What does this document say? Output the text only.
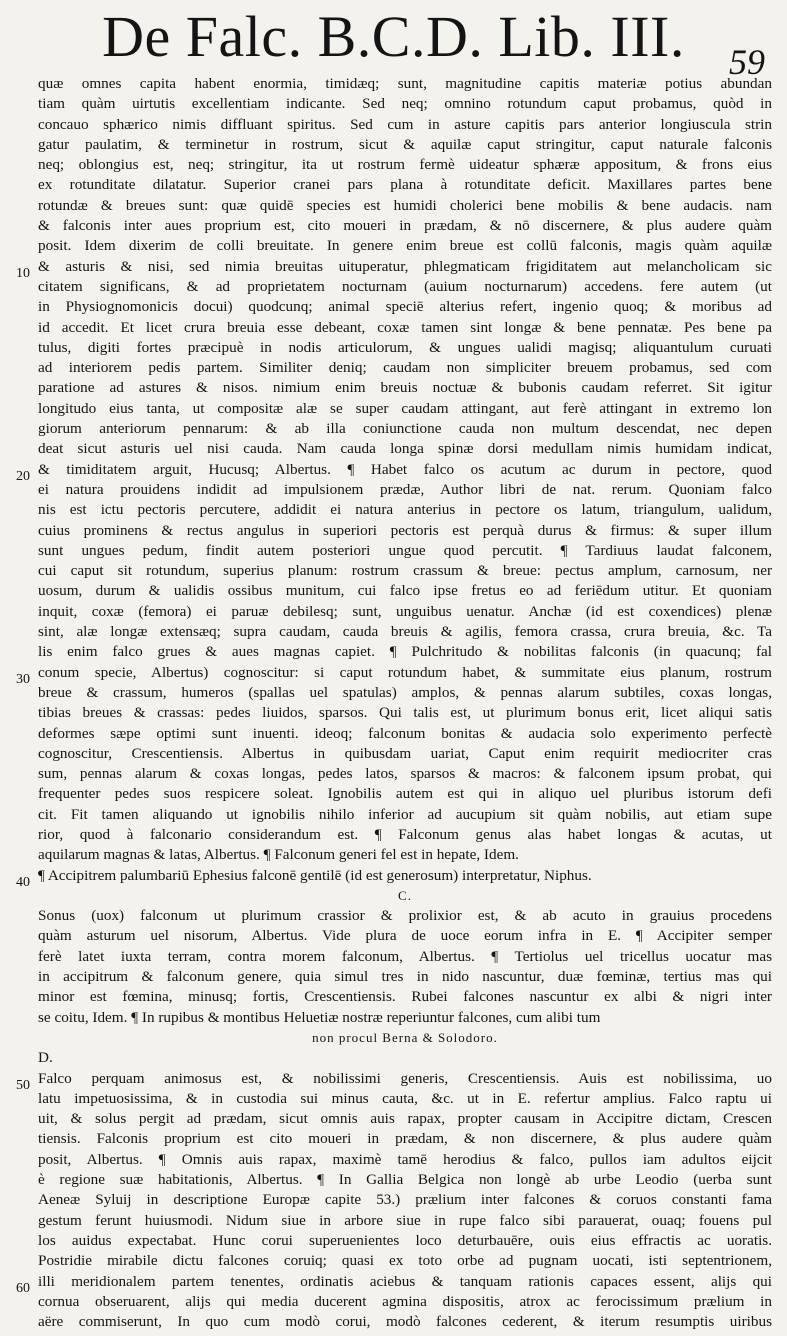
De Falc. B.C.D. Lib. III.	59
10
20
30
40
50
60
quæ omnes capita habent enormia, timidæq; sunt, magnitudine capitis materiæ potius abundan
tiam quàm uirtutis excellentiam indicante. Sed neq; omnino rotundum caput probamus, quòd in
concauo sphærico nimis diffluant spiritus. Sed cum in asture capitis pars anterior longiuscula strin
gatur paulatim, & terminetur in rostrum, sicut & aquilæ caput stringitur, caput naturale falconis
neq; oblongius est, neq; stringitur, ita ut rostrum fermè uideatur sphæræ appositum, & frons eius
ex rotunditate dilatatur. Superior cranei pars plana à rotunditate deficit. Maxillares partes bene
rotundæ & breues sunt: quæ quidē species est humidi cholerici bene mobilis & bene audacis. nam
& falconis inter aues proprium est, cito moueri in prædam, & nō discernere, & plus audere quàm
posit. Idem dixerim de colli breuitate. In genere enim breue est collū falconis, magis quàm aquilæ
& asturis & nisi, sed nimia breuitas uituperatur, phlegmaticam frigiditatem aut melancholicam sic
citatem significans, & ad proprietatem nocturnam (auium nocturnarum) accedens. fere autem (ut
in Physiognomonicis docui) quodcunq; animal speciē alterius refert, ingenio quoq; & moribus ad
id accedit. Et licet crura breuia esse debeant, coxæ tamen sint longæ & bene pennatæ. Pes bene pa
tulus, digiti fortes præcipuè in nodis articulorum, & ungues ualidi magisq; aliquantulum curuati
ad interiorem pedis partem. Similiter deniq; caudam non simpliciter breuem probamus, sed com
paratione ad astures & nisos. nimium enim breuis noctuæ & bubonis caudam referret. Sit igitur
longitudo eius tanta, ut compositæ alæ se super caudam attingant, aut ferè attingant in extremo lon
giorum anteriorum pennarum: & ab illa coniunctione cauda non multum descendat, nec depen
deat sicut asturis uel nisi cauda. Nam cauda longa spinæ dorsi medullam nimis humidam indicat,
& timiditatem arguit, Hucusq; Albertus. ¶ Habet falco os acutum ac durum in pectore, quod
ei natura prouidens indidit ad impulsionem prædæ, Author libri de nat. rerum. Quoniam falco
nis est ictu pectoris percutere, addidit ei natura anterius in pectore os latum, triangulum, ualidum,
cuius prominens & rectus angulus in superiori pectoris est perquà durus & firmus: & super illum
sunt ungues pedum, findit autem posteriori ungue quod percutit. ¶ Tardiuus laudat falconem,
cui caput sit rotundum, superius planum: rostrum crassum & breue: pectus amplum, carnosum, ner
uosum, durum & ualidis ossibus munitum, cui falco ipse fretus eo ad feriēdum utitur. Et quoniam
inquit, coxæ (femora) ei paruæ debilesq; sunt, unguibus uenatur. Anchæ (id est coxendices) plenæ
sint, alæ longæ extensæq; supra caudam, cauda breuis & agilis, femora crassa, crura breuia, &c. Ta
lis enim falco grues & aues magnas capiet. ¶ Pulchritudo & nobilitas falconis (in quacunq; fal
conum specie, Albertus) cognoscitur: si caput rotundum habet, & summitate eius planum, rostrum
breue & crassum, humeros (spallas uel spatulas) amplos, & pennas alarum subtiles, coxas longas,
tibias breues & crassas: pedes liuidos, sparsos. Qui talis est, ut plurimum bonus erit, licet aliqui satis
deformes sæpe optimi sunt inuenti. ideoq; falconum bonitas & audacia solo experimento perfectè
cognoscitur, Crescentiensis. Albertus in quibusdam uariat, Caput enim requirit mediocriter cras
sum, pennas alarum & coxas longas, pedes latos, sparsos & macros: & falconem ipsum probat, qui
frequenter pedes suos respicere soleat. Ignobilis autem est qui in aliquo uel pluribus istorum defi
cit. Fit tamen aliquando ut ignobilis nihilo inferior ad aucupium sit quàm nobilis, aut etiam supe
rior, quod à falconario considerandum est. ¶ Falconum genus alas habet longas & acutas, ut
aquilarum magnas & latas, Albertus. ¶ Falconum generi fel est in hepate, Idem.
¶ Accipitrem palumbariū Ephesius falconē gentilē (id est generosum) interpretatur, Niphus.
C.
Sonus (uox) falconum ut plurimum crassior & prolixior est, & ab acuto in grauius procedens
quàm asturum uel nisorum, Albertus. Vide plura de uoce eorum infra in E. ¶ Accipiter semper
ferè latet iuxta terram, contra morem falconum, Albertus. ¶ Tertiolus uel tricellus uocatur mas
in accipitrum & falconum genere, quia simul tres in nido nascuntur, duæ fœminæ, tertius mas qui
minor est fœmina, minusq; fortis, Crescentiensis. Rubei falcones nascuntur ex albi & nigri inter
se coitu, Idem. ¶ In rupibus & montibus Heluetiæ nostræ reperiuntur falcones, cum alibi tum
non procul Berna & Solodoro.
D.
Falco perquam animosus est, & nobilissimi generis, Crescentiensis. Auis est nobilissima, uo
latu impetuosissima, & in custodia sui minus cauta, &c. ut in E. refertur amplius. Falco raptu ui
uit, & solus pergit ad prædam, sicut omnis auis rapax, propter causam in Accipitre dictam, Crescen
tiensis. Falconis proprium est cito moueri in prædam, & non discernere, & plus audere quàm
posit, Albertus. ¶ Omnis auis rapax, maximè tamē herodius & falco, pullos iam adultos eijcit
è regione suæ habitationis, Albertus. ¶ In Gallia Belgica non longè ab urbe Leodio (uerba sunt
Aeneæ Syluij in descriptione Europæ capite 53.) prælium inter falcones & coruos constanti fama
gestum ferunt huiusmodi. Nidum siue in arbore siue in rupe falco sibi parauerat, ouaq; fouens pul
los auidus expectabat. Hunc corui superuenientes loco deturbauēre, ouis eius effractis ac uoratis.
Postridie mirabile dictu falcones coruiq; quasi ex toto orbe ad pugnam uocati, isti septentrionem,
illi meridionalem partem tenentes, ordinatis aciebus & tanquam rationis capaces essent, alijs qui
cornua obseruarent, alijs qui media ducerent agmina dispositis, atrox ac ferocissimum prælium in
aëre commiserunt, In quo cum modò corui, modò falcones cederent, & iterum resumptis uiribus
